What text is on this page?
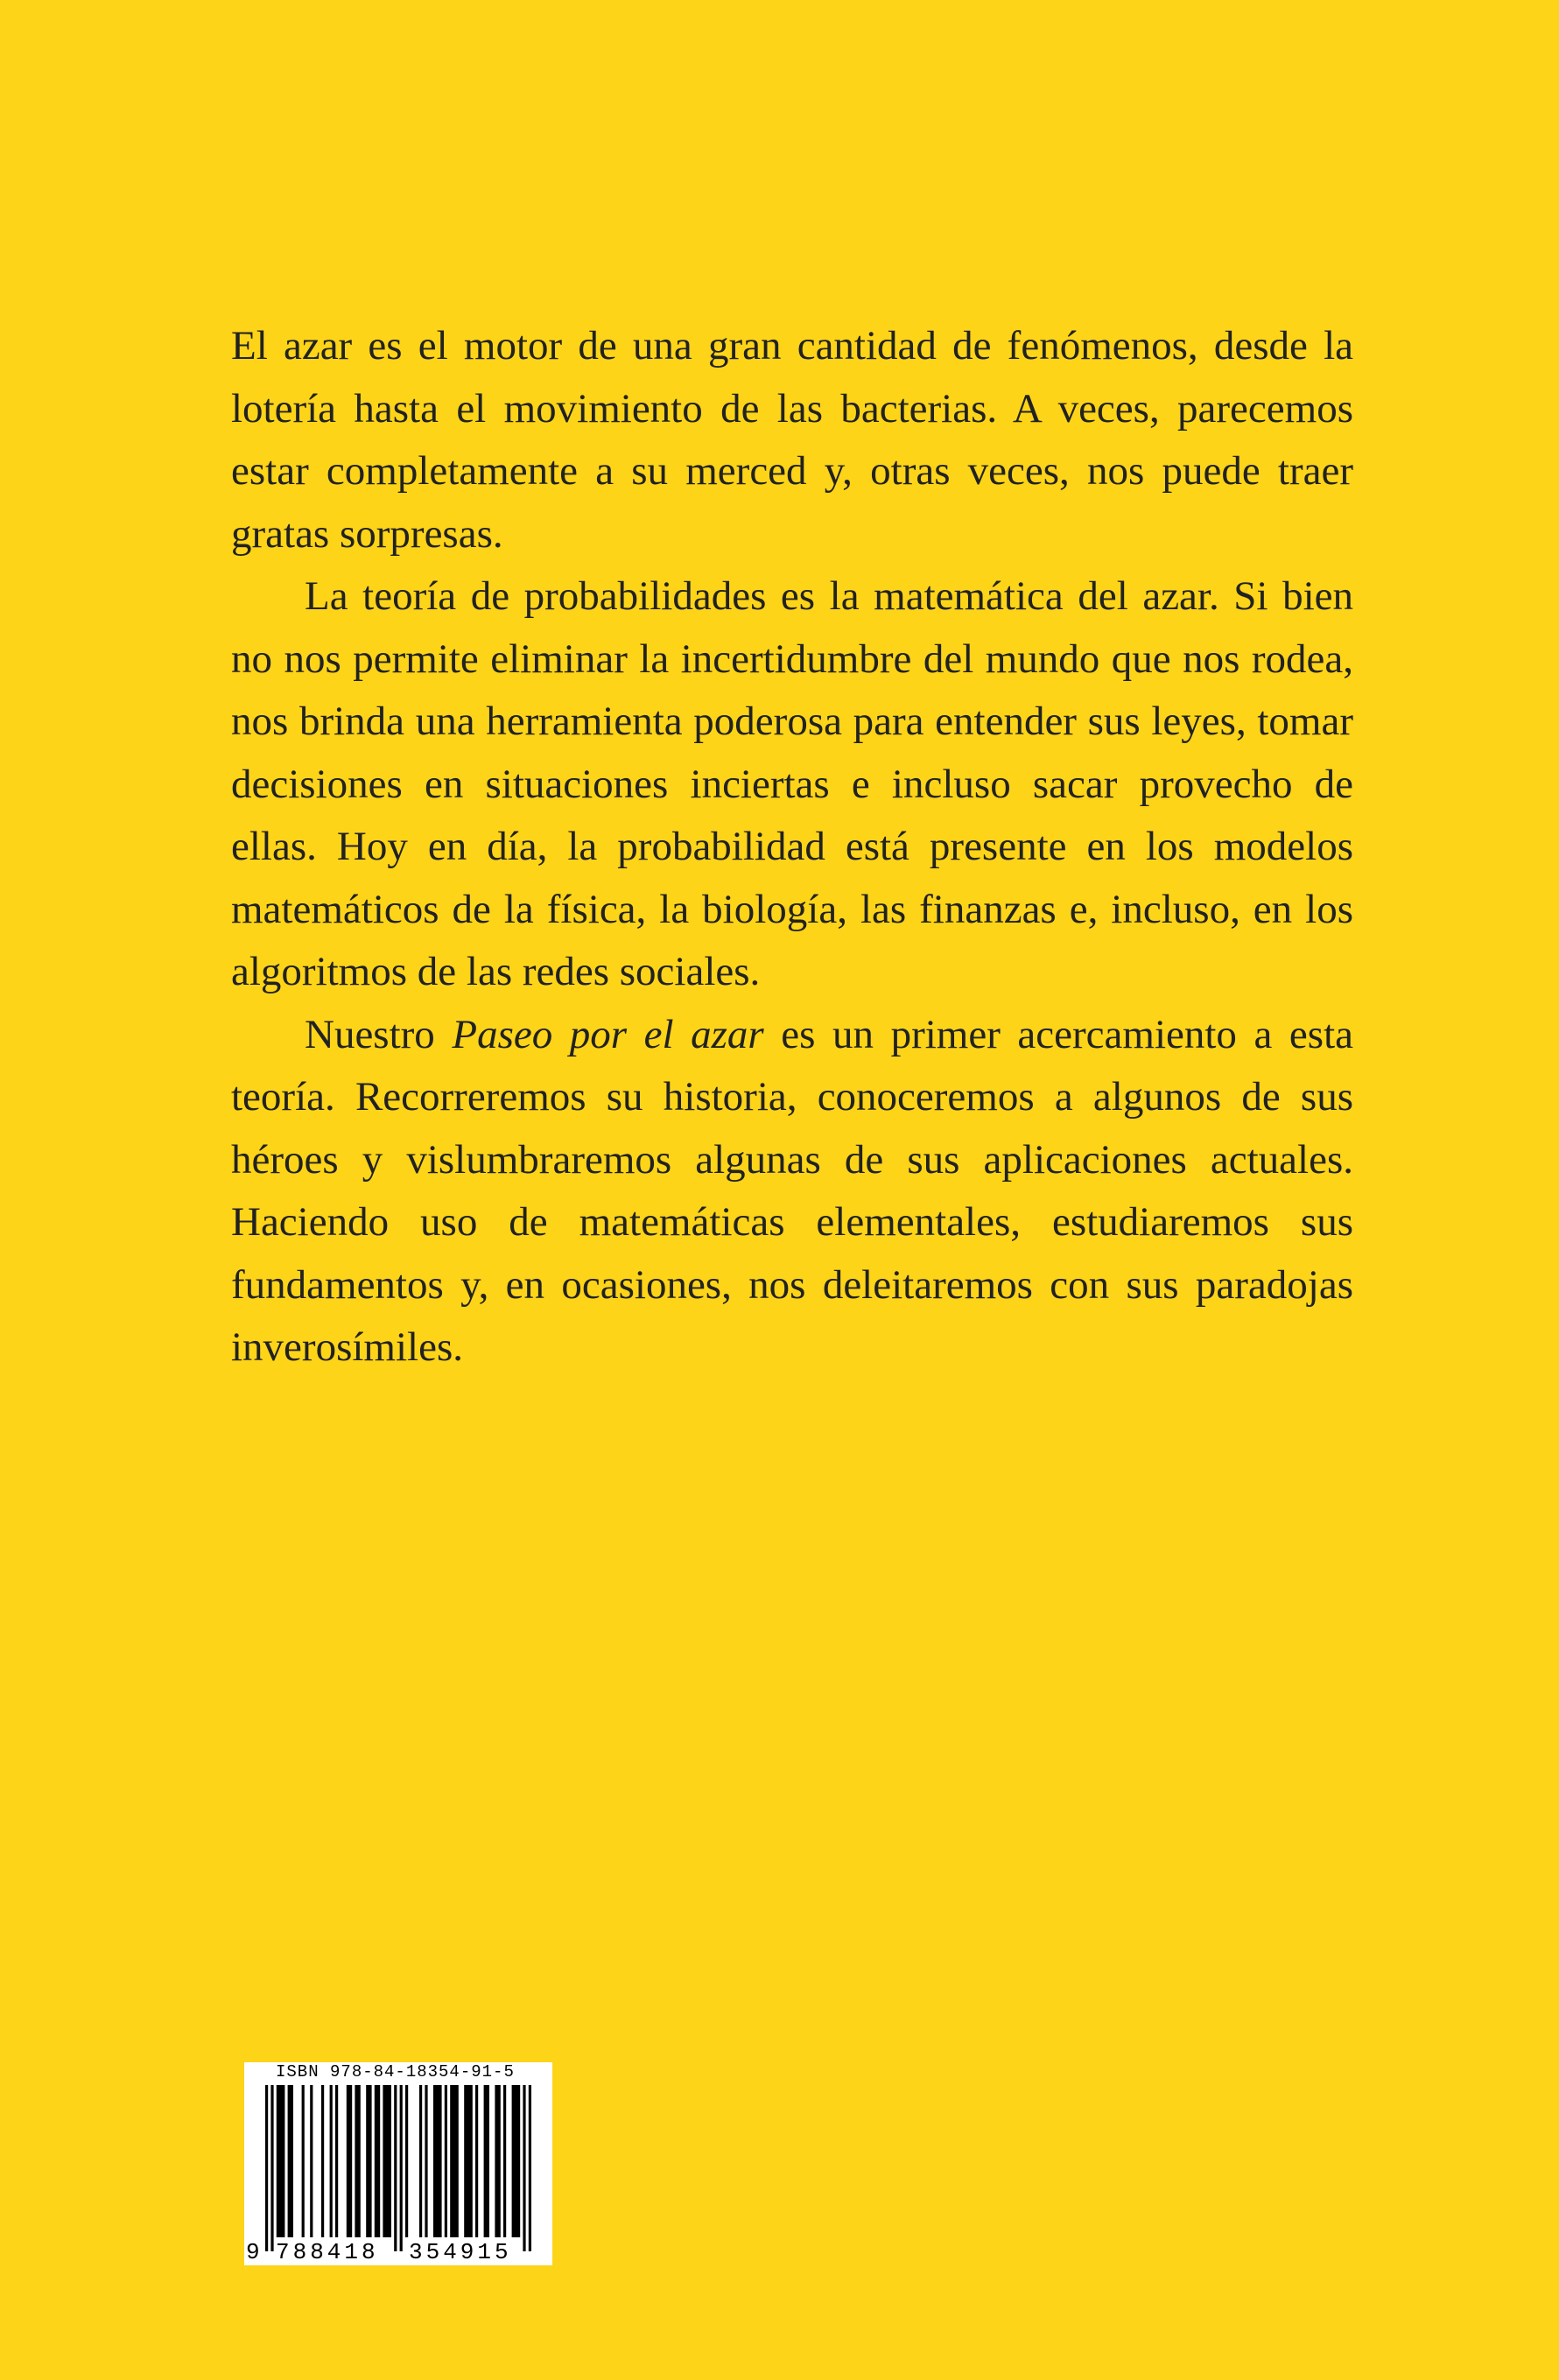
El azar es el motor de una gran cantidad de fenómenos, desde la lotería hasta el movimiento de las bacterias. A veces, parecemos estar completamente a su merced y, otras veces, nos puede traer gratas sorpresas.

La teoría de probabilidades es la matemática del azar. Si bien no nos permite eliminar la incertidumbre del mundo que nos rodea, nos brinda una herramienta poderosa para entender sus leyes, tomar decisiones en situaciones inciertas e incluso sacar provecho de ellas. Hoy en día, la probabilidad está presente en los modelos matemáticos de la física, la biología, las finanzas e, incluso, en los algoritmos de las redes sociales.

Nuestro Paseo por el azar es un primer acercamiento a esta teoría. Recorreremos su historia, conoceremos a algunos de sus héroes y vislumbraremos algunas de sus aplicaciones actuales. Haciendo uso de matemáticas elementales, estudiaremos sus fundamentos y, en ocasiones, nos deleitaremos con sus paradojas inverosímiles.

ISBN 978-84-18354-91-5
9 788418 354915
